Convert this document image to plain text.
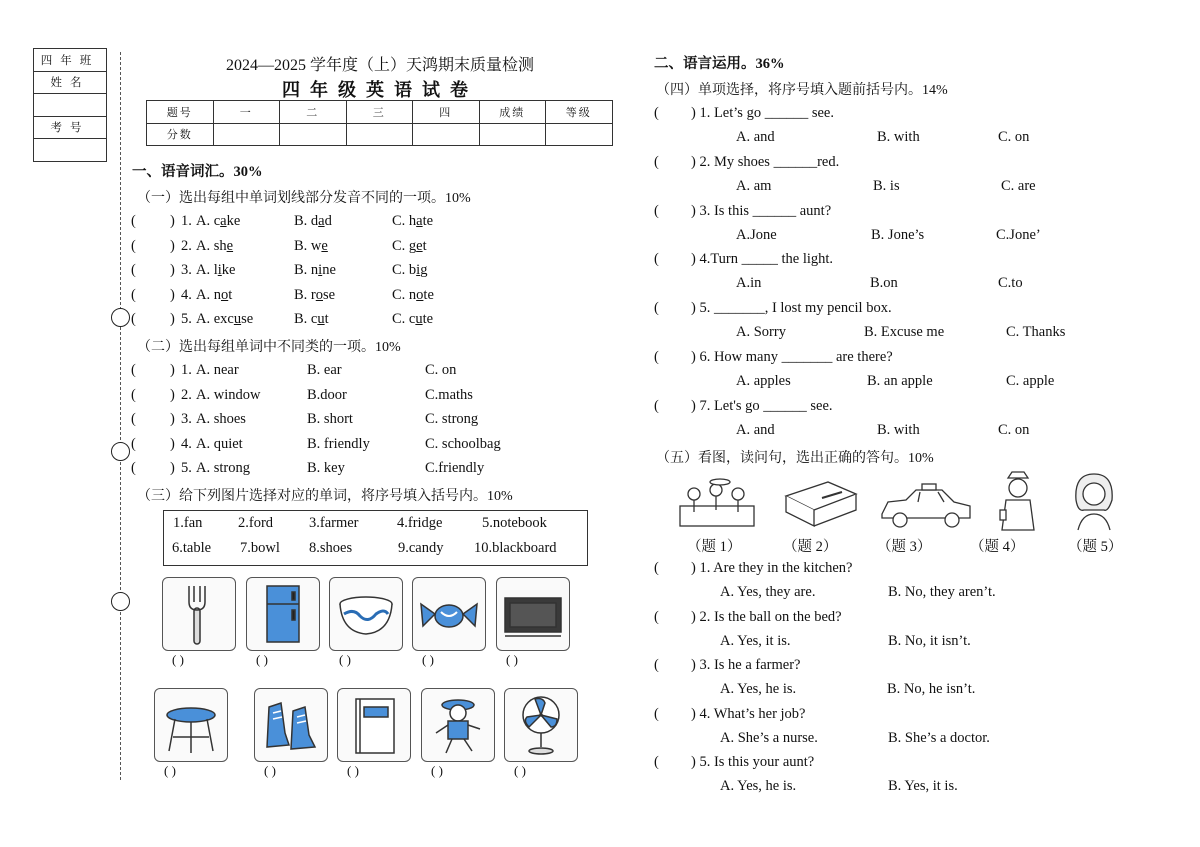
四年班
姓名

考号

2024—2025 学年度（上）天鸿期末质量检测
四年级英语试卷
题号	一	二	三	四	成绩	等级
分数						
一、语音词汇。30%
（一）选出每组中单词划线部分发音不同的一项。10%
( ) 1. A. cake	B. dad	C. hate
( ) 2. A. she	B. we	C. get
( ) 3. A. like	B. nine	C. big
( ) 4. A. not	B. rose	C. note
( ) 5. A. excuse	B. cut	C. cute
（二）选出每组单词中不同类的一项。10%
( ) 1. A. near	B. ear	C. on
( ) 2. A. window	B.door	C.maths
( ) 3. A. shoes	B. short	C. strong
( ) 4. A. quiet	B. friendly	C. schoolbag
( ) 5. A. strong	B. key	C.friendly
（三）给下列图片选择对应的单词，将序号填入括号内。10%
1.fan 2.ford 3.farmer	4.fridge	5.notebook
6.table 7.bowl 8.shoes	9.candy 10.blackboard
( )	( )	( )	( )	( )
( )	( )	( )	( )	( )
二、语言运用。36%
（四）单项选择，将序号填入题前括号内。14%
( ) 1. Let’s go ______ see.
A. and	B. with	C. on
( ) 2. My shoes ______red.
A. am	B. is	C. are
( ) 3. Is this ______ aunt?
A.Jone	B. Jone’s	C.Jone’
( ) 4.Turn _____ the light.
A.in	B.on	C.to
( ) 5. _______, I lost my pencil box.
A. Sorry	B. Excuse me	C. Thanks
( ) 6. How many _______ are there?
A. apples	B. an apple	C. apple
( ) 7. Let's go ______ see.
A. and	B. with	C. on
（五）看图，读问句，选出正确的答句。10%
（题 1）	（题 2）	（题 3）	（题 4）	（题 5）
( ) 1. Are they in the kitchen?
A. Yes, they are.	B. No, they aren’t.
( ) 2. Is the ball on the bed?
A. Yes, it is.	B. No, it isn’t.
( ) 3. Is he a farmer?
A. Yes, he is.	B. No, he isn’t.
( ) 4. What’s her job?
A. She’s a nurse.	B. She’s a doctor.
( ) 5. Is this your aunt?
A. Yes, he is.	B. Yes, it is.
